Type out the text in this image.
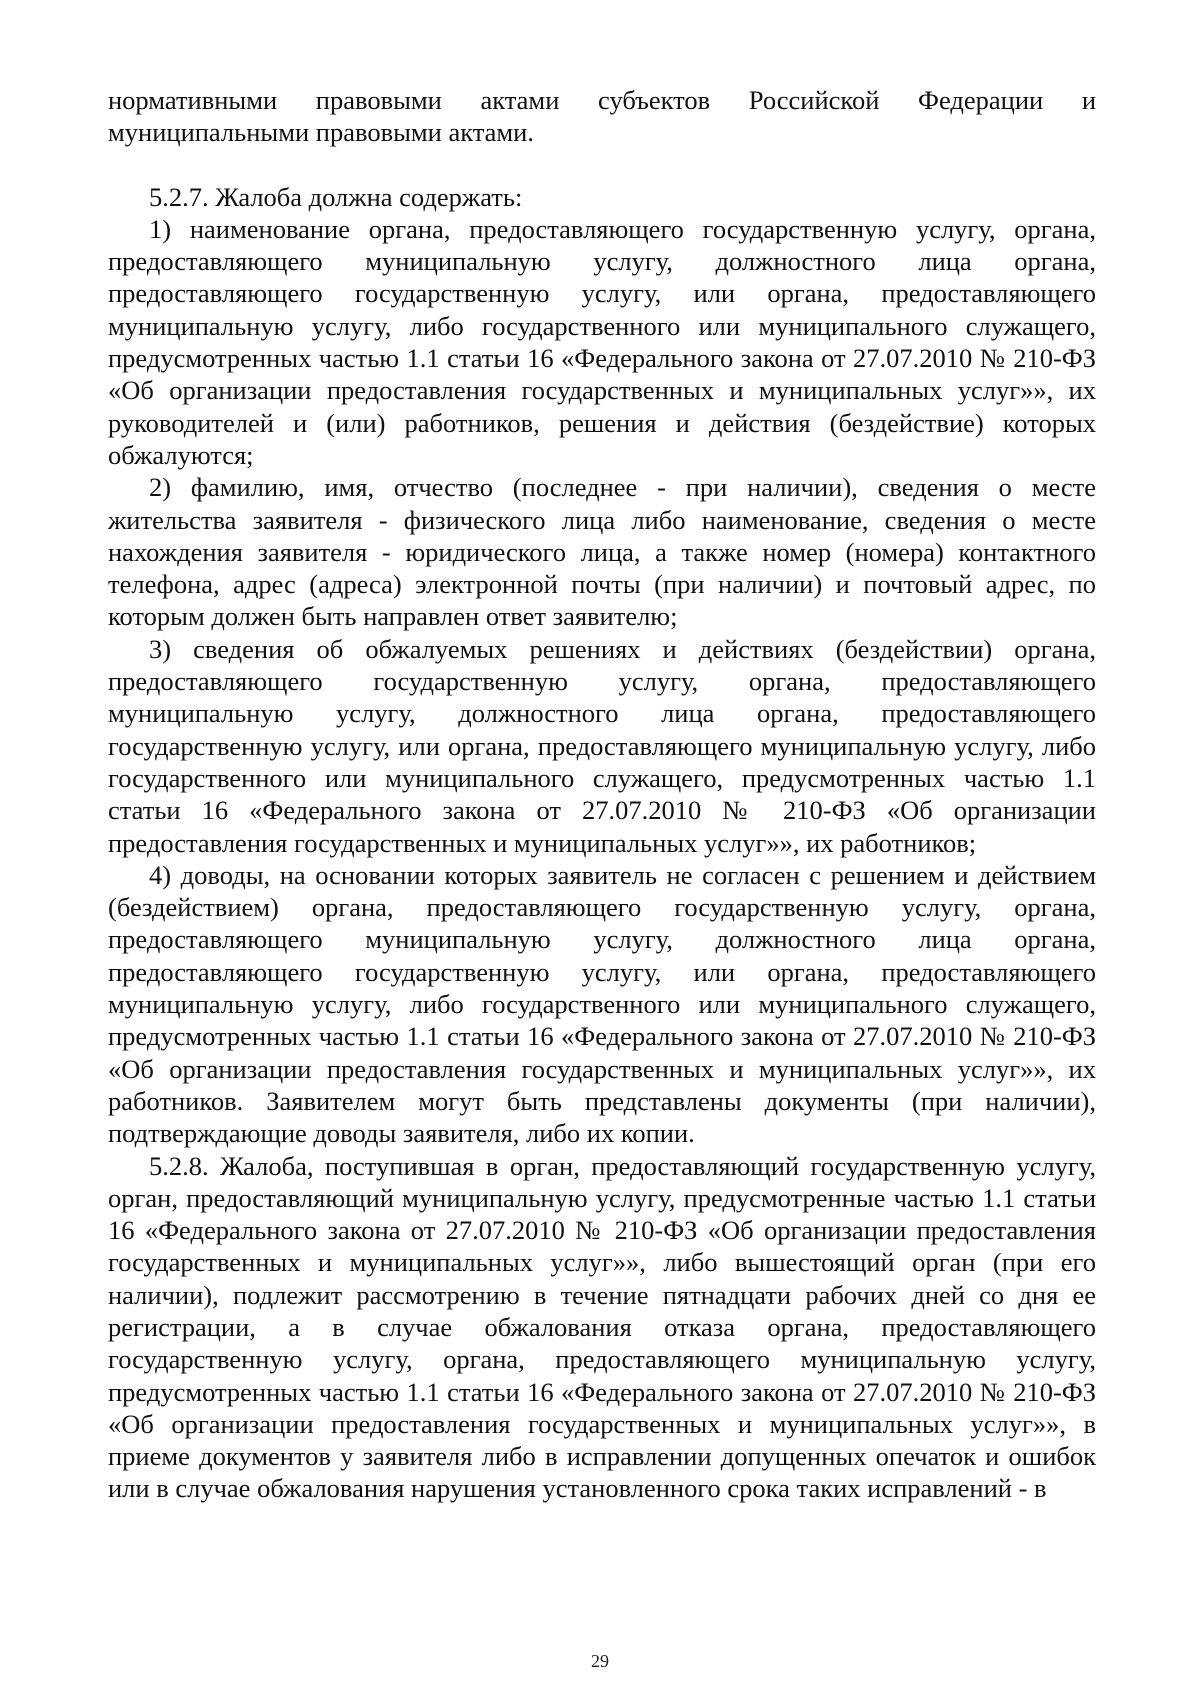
нормативными правовыми актами субъектов Российской Федерации и муниципальными правовыми актами.

5.2.7. Жалоба должна содержать:

1) наименование органа, предоставляющего государственную услугу, органа, предоставляющего муниципальную услугу, должностного лица органа, предоставляющего государственную услугу, или органа, предоставляющего муниципальную услугу, либо государственного или муниципального служащего, предусмотренных частью 1.1 статьи 16 «Федерального закона от 27.07.2010 № 210-ФЗ «Об организации предоставления государственных и муниципальных услуг»», их руководителей и (или) работников, решения и действия (бездействие) которых обжалуются;

2) фамилию, имя, отчество (последнее - при наличии), сведения о месте жительства заявителя - физического лица либо наименование, сведения о месте нахождения заявителя - юридического лица, а также номер (номера) контактного телефона, адрес (адреса) электронной почты (при наличии) и почтовый адрес, по которым должен быть направлен ответ заявителю;

3) сведения об обжалуемых решениях и действиях (бездействии) органа, предоставляющего государственную услугу, органа, предоставляющего муниципальную услугу, должностного лица органа, предоставляющего государственную услугу, или органа, предоставляющего муниципальную услугу, либо государственного или муниципального служащего, предусмотренных частью 1.1 статьи 16 «Федерального закона от 27.07.2010 № 210-ФЗ «Об организации предоставления государственных и муниципальных услуг»», их работников;

4) доводы, на основании которых заявитель не согласен с решением и действием (бездействием) органа, предоставляющего государственную услугу, органа, предоставляющего муниципальную услугу, должностного лица органа, предоставляющего государственную услугу, или органа, предоставляющего муниципальную услугу, либо государственного или муниципального служащего, предусмотренных частью 1.1 статьи 16 «Федерального закона от 27.07.2010 № 210-ФЗ «Об организации предоставления государственных и муниципальных услуг»», их работников. Заявителем могут быть представлены документы (при наличии), подтверждающие доводы заявителя, либо их копии.

5.2.8. Жалоба, поступившая в орган, предоставляющий государственную услугу, орган, предоставляющий муниципальную услугу, предусмотренные частью 1.1 статьи 16 «Федерального закона от 27.07.2010 № 210-ФЗ «Об организации предоставления государственных и муниципальных услуг»», либо вышестоящий орган (при его наличии), подлежит рассмотрению в течение пятнадцати рабочих дней со дня ее регистрации, а в случае обжалования отказа органа, предоставляющего государственную услугу, органа, предоставляющего муниципальную услугу, предусмотренных частью 1.1 статьи 16 «Федерального закона от 27.07.2010 № 210-ФЗ «Об организации предоставления государственных и муниципальных услуг»», в приеме документов у заявителя либо в исправлении допущенных опечаток и ошибок или в случае обжалования нарушения установленного срока таких исправлений - в

29
